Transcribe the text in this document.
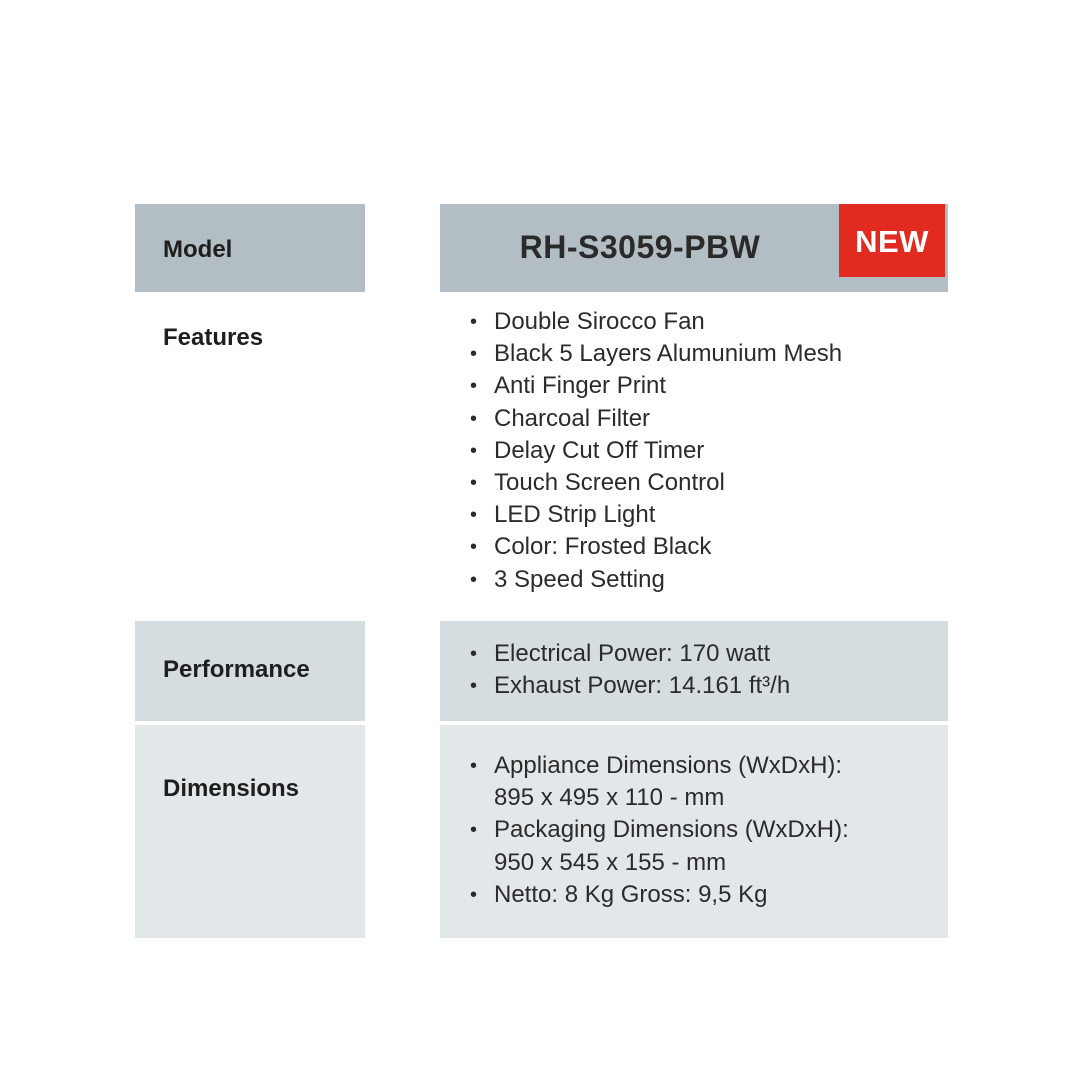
Model	RH-S3059-PBW	NEW
Features
• Double Sirocco Fan
• Black 5 Layers Alumunium Mesh
• Anti Finger Print
• Charcoal Filter
• Delay Cut Off Timer
• Touch Screen Control
• LED Strip Light
• Color: Frosted Black
• 3 Speed Setting
Performance
• Electrical Power: 170 watt
• Exhaust Power: 14.161 ft³/h
Dimensions
• Appliance Dimensions (WxDxH):
895 x 495 x 110 - mm
• Packaging Dimensions (WxDxH):
950 x 545 x 155 - mm
• Netto: 8 Kg Gross: 9,5 Kg
